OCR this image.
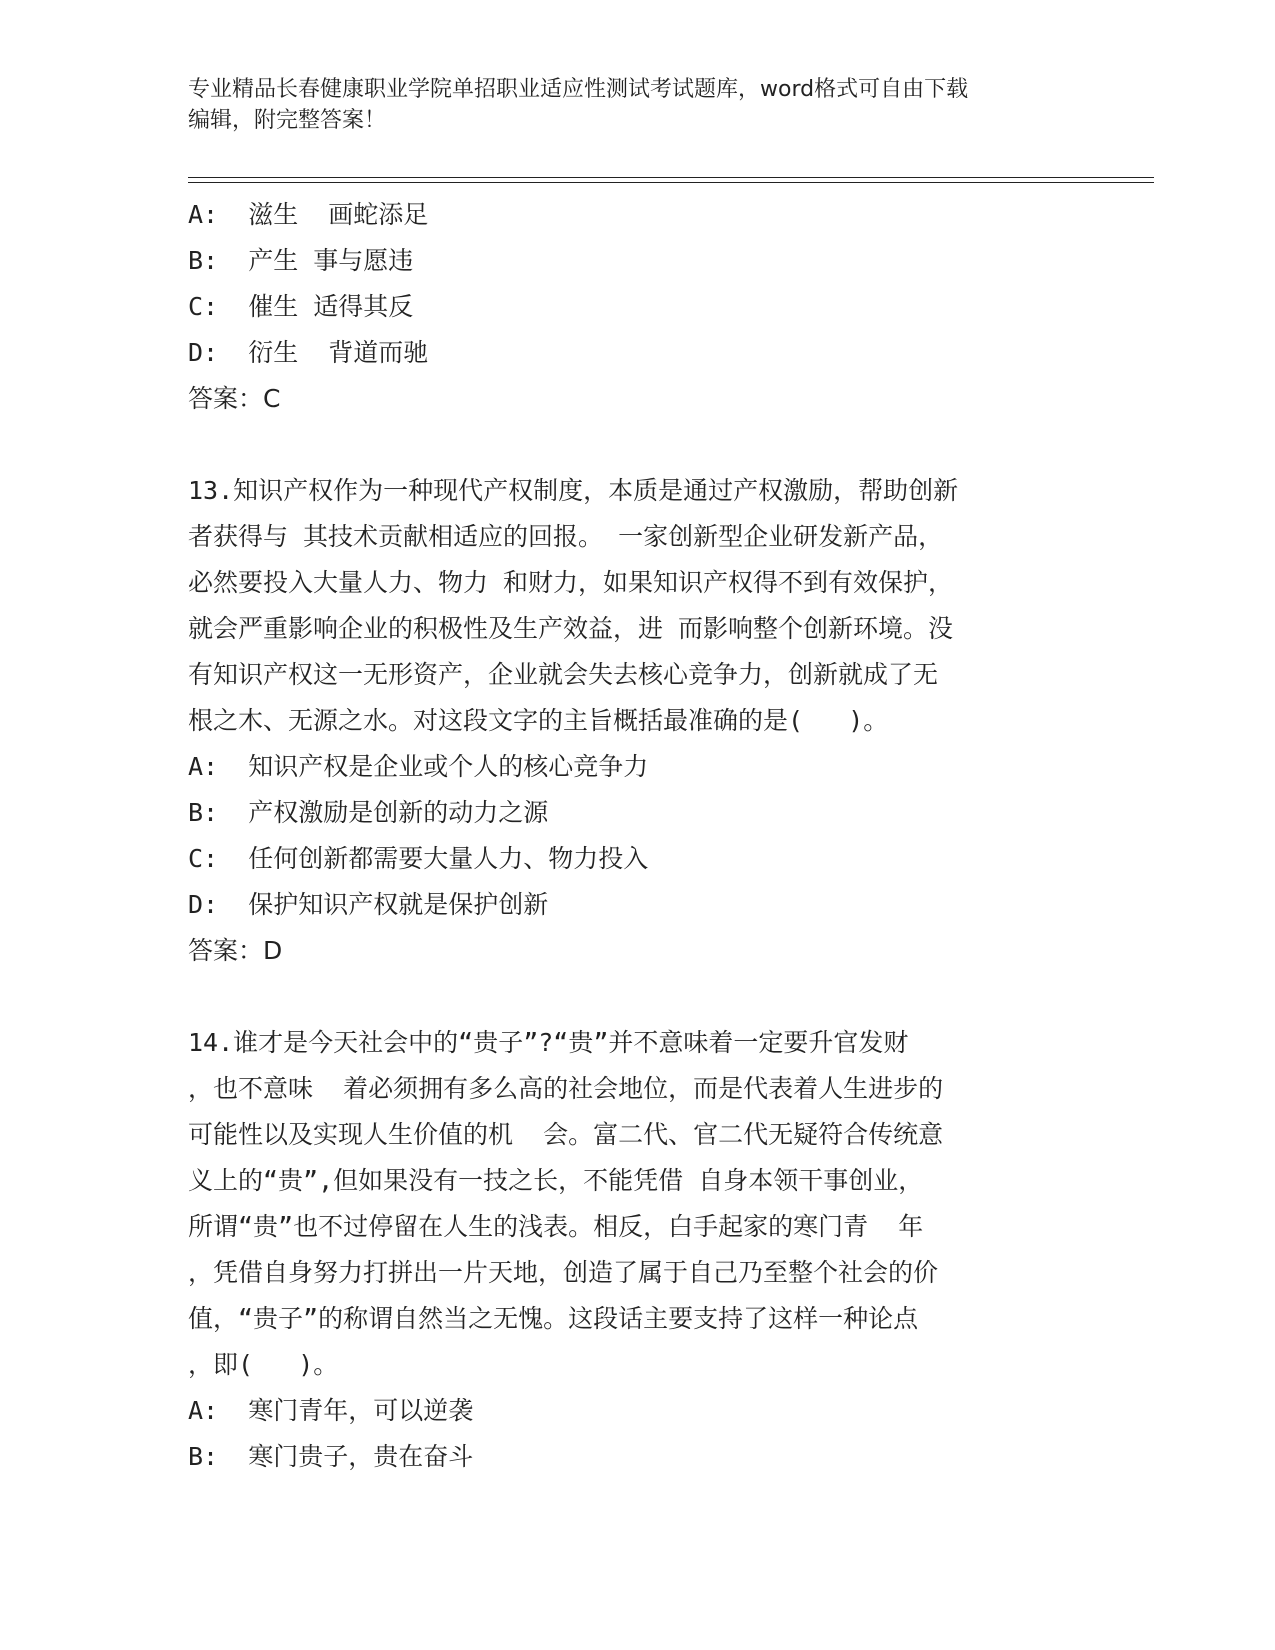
专业精品长春健康职业学院单招职业适应性测试考试题库，word格式可自由下载
编辑，附完整答案！
A:  滋生  画蛇添足
B:  产生 事与愿违
C:  催生 适得其反
D:  衍生  背道而驰
答案：C
13.知识产权作为一种现代产权制度，本质是通过产权激励，帮助创新
者获得与 其技术贡献相适应的回报。 一家创新型企业研发新产品，
必然要投入大量人力、物力 和财力，如果知识产权得不到有效保护，
就会严重影响企业的积极性及生产效益，进 而影响整个创新环境。没
有知识产权这一无形资产，企业就会失去核心竞争力，创新就成了无
根之木、无源之水。对这段文字的主旨概括最准确的是(   )。
A:  知识产权是企业或个人的核心竞争力
B:  产权激励是创新的动力之源
C:  任何创新都需要大量人力、物力投入
D:  保护知识产权就是保护创新
答案：D
14.谁才是今天社会中的“贵子”?“贵”并不意味着一定要升官发财
，也不意味  着必须拥有多么高的社会地位，而是代表着人生进步的
可能性以及实现人生价值的机  会。富二代、官二代无疑符合传统意
义上的“贵”,但如果没有一技之长，不能凭借 自身本领干事创业，
所谓“贵”也不过停留在人生的浅表。相反，白手起家的寒门青  年
，凭借自身努力打拼出一片天地，创造了属于自己乃至整个社会的价
值，“贵子”的称谓自然当之无愧。这段话主要支持了这样一种论点
，即(   )。
A:  寒门青年，可以逆袭
B:  寒门贵子，贵在奋斗
